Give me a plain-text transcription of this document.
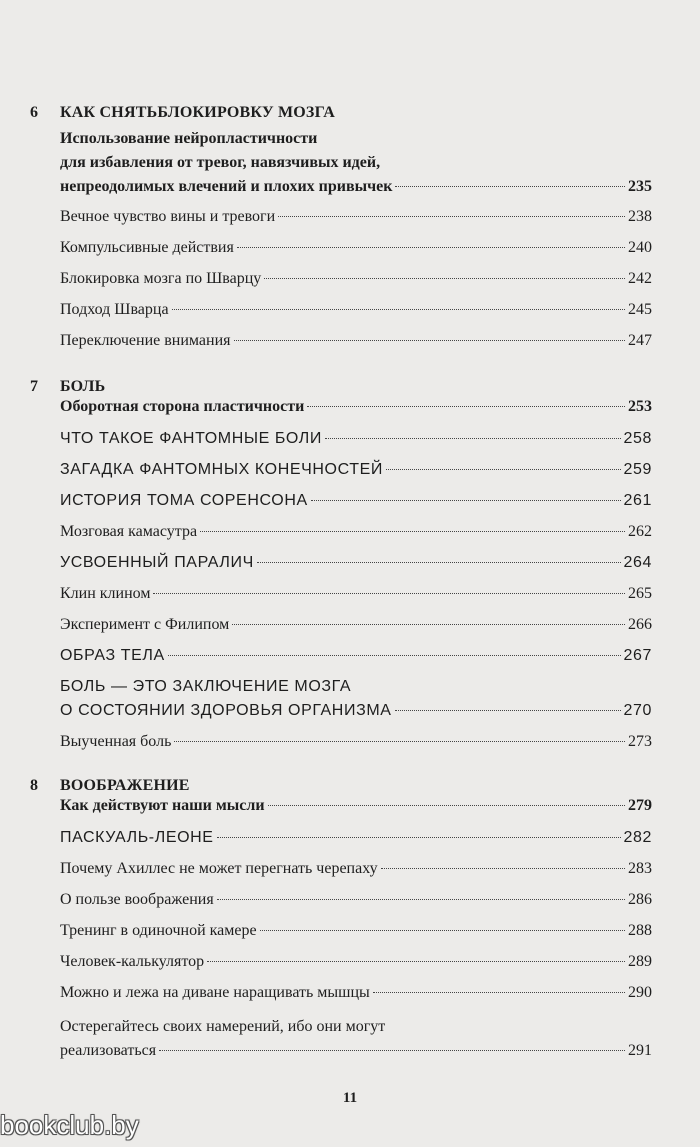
6 КАК СНЯТЬБЛОКИРОВКУ МОЗГА
Использование нейропластичности
для избавления от тревог, навязчивых идей,
непреодолимых влечений и плохих привычек	235
Вечное чувство вины и тревоги	238
Компульсивные действия	240
Блокировка мозга по Шварцу	242
Подход Шварца	245
Переключение внимания	247
7 БОЛЬ
Оборотная сторона пластичности	253
ЧТО ТАКОЕ ФАНТОМНЫЕ БОЛИ	258
ЗАГАДКА ФАНТОМНЫХ КОНЕЧНОСТЕЙ	259
ИСТОРИЯ ТОМА СОРЕНСОНА	261
Мозговая камасутра	262
УСВОЕННЫЙ ПАРАЛИЧ	264
Клин клином	265
Эксперимент с Филипом	266
ОБРАЗ ТЕЛА	267
БОЛЬ — ЭТО ЗАКЛЮЧЕНИЕ МОЗГА
О СОСТОЯНИИ ЗДОРОВЬЯ ОРГАНИЗМА	270
Выученная боль	273
8 ВООБРАЖЕНИЕ
Как действуют наши мысли	279
ПАСКУАЛЬ-ЛЕОНЕ	282
Почему Ахиллес не может перегнать черепаху	283
О пользе воображения	286
Тренинг в одиночной камере	288
Человек-калькулятор	289
Можно и лежа на диване наращивать мышцы	290
Остерегайтесь своих намерений, ибо они могут
реализоваться	291
11
bookclub.by
